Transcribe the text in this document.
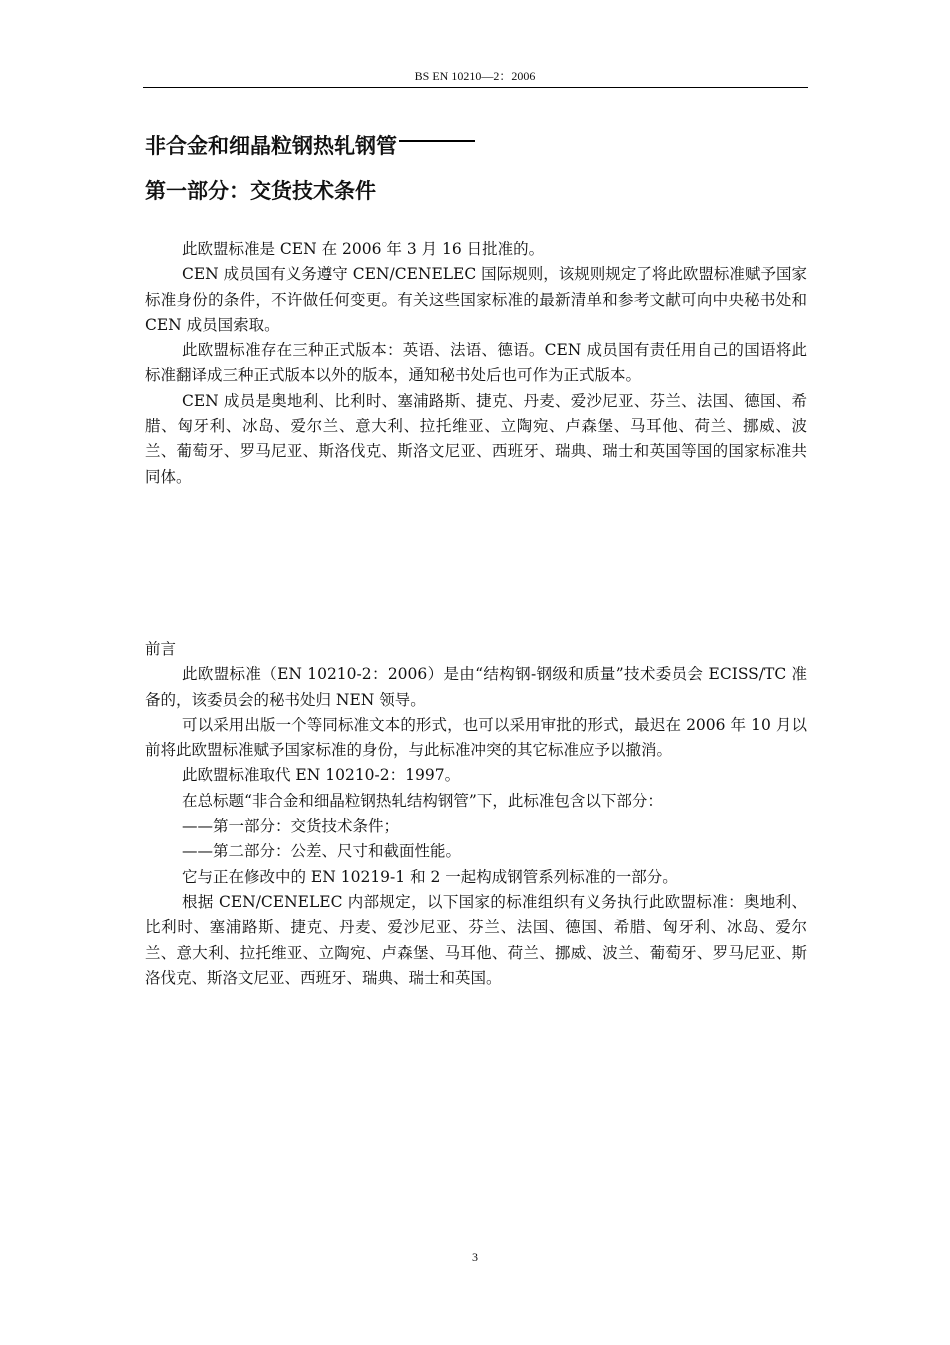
BS EN 10210—2：2006
非合金和细晶粒钢热轧钢管
第一部分：交货技术条件

此欧盟标准是 CEN 在 2006 年 3 月 16 日批准的。

CEN 成员国有义务遵守 CEN/CENELEC 国际规则，该规则规定了将此欧盟标准赋予国家标准身份的条件，不许做任何变更。有关这些国家标准的最新清单和参考文献可向中央秘书处和 CEN 成员国索取。

此欧盟标准存在三种正式版本：英语、法语、德语。CEN 成员国有责任用自己的国语将此标准翻译成三种正式版本以外的版本，通知秘书处后也可作为正式版本。

CEN 成员是奥地利、比利时、塞浦路斯、捷克、丹麦、爱沙尼亚、芬兰、法国、德国、希腊、匈牙利、冰岛、爱尔兰、意大利、拉托维亚、立陶宛、卢森堡、马耳他、荷兰、挪威、波兰、葡萄牙、罗马尼亚、斯洛伐克、斯洛文尼亚、西班牙、瑞典、瑞士和英国等国的国家标准共同体。

前言

此欧盟标准（EN 10210-2：2006）是由“结构钢-钢级和质量”技术委员会 ECISS/TC 准备的，该委员会的秘书处归 NEN 领导。

可以采用出版一个等同标准文本的形式，也可以采用审批的形式，最迟在 2006 年 10 月以前将此欧盟标准赋予国家标准的身份，与此标准冲突的其它标准应予以撤消。

此欧盟标准取代 EN 10210-2：1997。

在总标题“非合金和细晶粒钢热轧结构钢管”下，此标准包含以下部分：

——第一部分：交货技术条件；

——第二部分：公差、尺寸和截面性能。

它与正在修改中的 EN 10219-1 和 2 一起构成钢管系列标准的一部分。

根据 CEN/CENELEC 内部规定，以下国家的标准组织有义务执行此欧盟标准：奥地利、比利时、塞浦路斯、捷克、丹麦、爱沙尼亚、芬兰、法国、德国、希腊、匈牙利、冰岛、爱尔兰、意大利、拉托维亚、立陶宛、卢森堡、马耳他、荷兰、挪威、波兰、葡萄牙、罗马尼亚、斯洛伐克、斯洛文尼亚、西班牙、瑞典、瑞士和英国。

3
